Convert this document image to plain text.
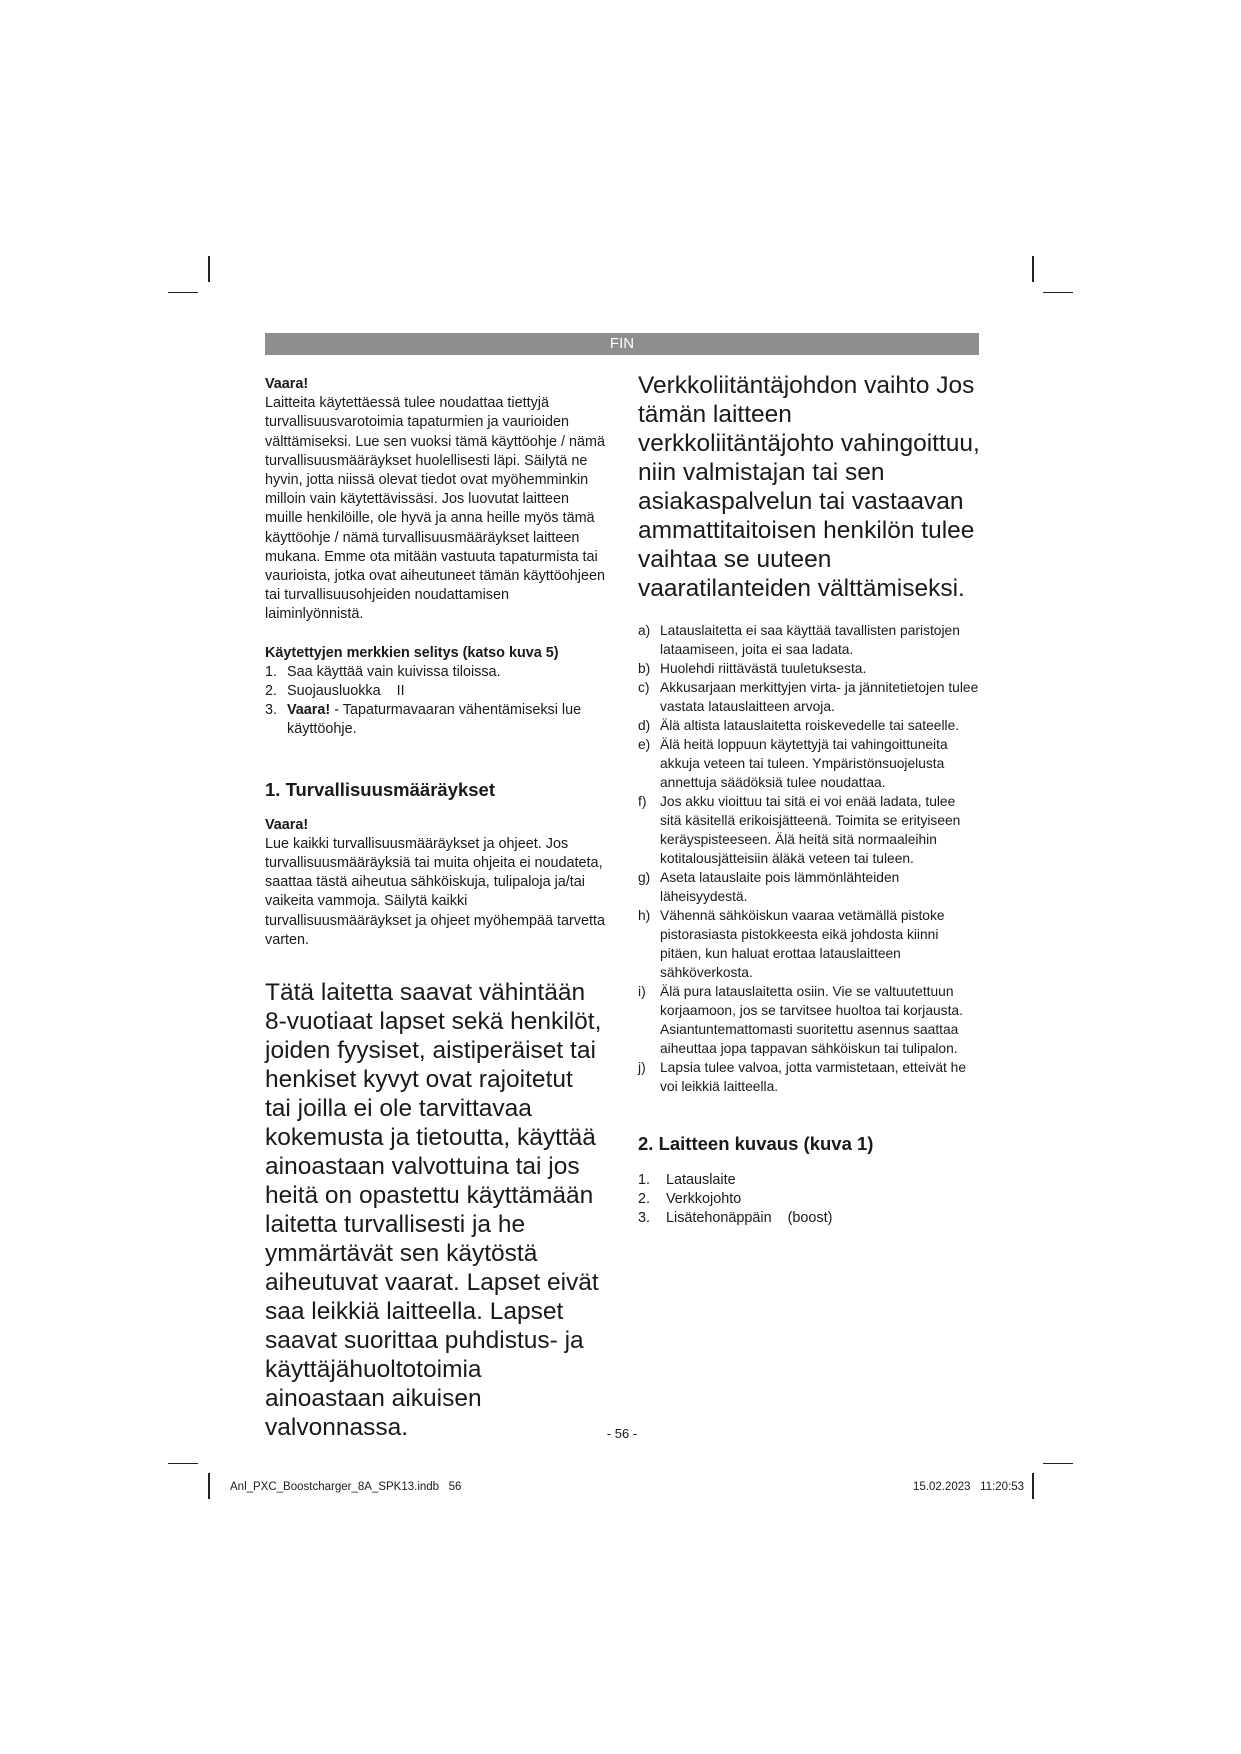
FIN

Vaara!

Laitteita käytettäessä tulee noudattaa tiettyjä turvallisuusvarotoimia tapaturmien ja vaurioiden välttämiseksi. Lue sen vuoksi tämä käyttöohje / nämä turvallisuusmääräykset huolellisesti läpi. Säilytä ne hyvin, jotta niissä olevat tiedot ovat myöhemminkin milloin vain käytettävissäsi. Jos luovutat laitteen muille henkilöille, ole hyvä ja anna heille myös tämä käyttöohje / nämä turvallisuusmääräykset laitteen mukana. Emme ota mitään vastuuta tapaturmista tai vaurioista, jotka ovat aiheutuneet tämän käyttöohjeen tai turvallisuusohjeiden noudattamisen laiminlyönnistä.

Käytettyjen merkkien selitys (katso kuva 5)

1. Saa käyttää vain kuivissa tiloissa.
2. Suojausluokka    II
3. Vaara! - Tapaturmavaaran vähentämiseksi lue käyttöohje.

1. Turvallisuusmääräykset

Vaara!

Lue kaikki turvallisuusmääräykset ja ohjeet. Jos turvallisuusmääräyksiä tai muita ohjeita ei noudateta, saattaa tästä aiheutua sähköiskuja, tulipaloja ja/tai vaikeita vammoja. Säilytä kaikki turvallisuusmääräykset ja ohjeet myöhempää tarvetta varten.

Tätä laitetta saavat vähintään 8-vuotiaat lapset sekä henkilöt, joiden fyysiset, aistiperäiset tai henkiset kyvyt ovat rajoitetut tai joilla ei ole tarvittavaa kokemusta ja tietoutta, käyttää ainoastaan valvottuina tai jos heitä on opastettu käyttämään laitetta turvallisesti ja he ymmärtävät sen käytöstä aiheutuvat vaarat. Lapset eivät saa leikkiä laitteella. Lapset saavat suorittaa puhdistus- ja käyttäjähuoltotoimia ainoastaan aikuisen valvonnassa.

Verkkoliitäntäjohdon vaihto Jos tämän laitteen verkkoliitäntäjohto vahingoittuu, niin valmistajan tai sen asiakaspalvelun tai vastaavan ammattitaitoisen henkilön tulee vaihtaa se uuteen vaaratilanteiden välttämiseksi.

a) Latauslaitetta ei saa käyttää tavallisten paristojen lataamiseen, joita ei saa ladata.
b) Huolehdi riittävästä tuuletuksesta.
c) Akkusarjaan merkittyjen virta- ja jännitetietojen tulee vastata latauslaitteen arvoja.
d) Älä altista latauslaitetta roiskevedelle tai sateelle.
e) Älä heitä loppuun käytettyjä tai vahingoittuneita akkuja veteen tai tuleen. Ympäristönsuojelusta annettuja säädöksiä tulee noudattaa.
f) Jos akku vioittuu tai sitä ei voi enää ladata, tulee sitä käsitellä erikoisjätteenä. Toimita se erityiseen keräyspisteeseen. Älä heitä sitä normaaleihin kotitalousjätteisiin äläkä veteen tai tuleen.
g) Aseta latauslaite pois lämmönlähteiden läheisyydestä.
h) Vähennä sähköiskun vaaraa vetämällä pistoke pistorasiasta pistokkeesta eikä johdosta kiinni pitäen, kun haluat erottaa latauslaitteen sähköverkosta.
i) Älä pura latauslaitetta osiin. Vie se valtuutettuun korjaamoon, jos se tarvitsee huoltoa tai korjausta. Asiantuntemattomasti suoritettu asennus saattaa aiheuttaa jopa tappavan sähköiskun tai tulipalon.
j) Lapsia tulee valvoa, jotta varmistetaan, etteivät he voi leikkiä laitteella.

2. Laitteen kuvaus (kuva 1)

1.	Latauslaite
2.	Verkkojohto
3.	Lisätehonäppäin    (boost)
- 56 -
Anl_PXC_Boostcharger_8A_SPK13.indb   56	15.02.2023   11:20:53
